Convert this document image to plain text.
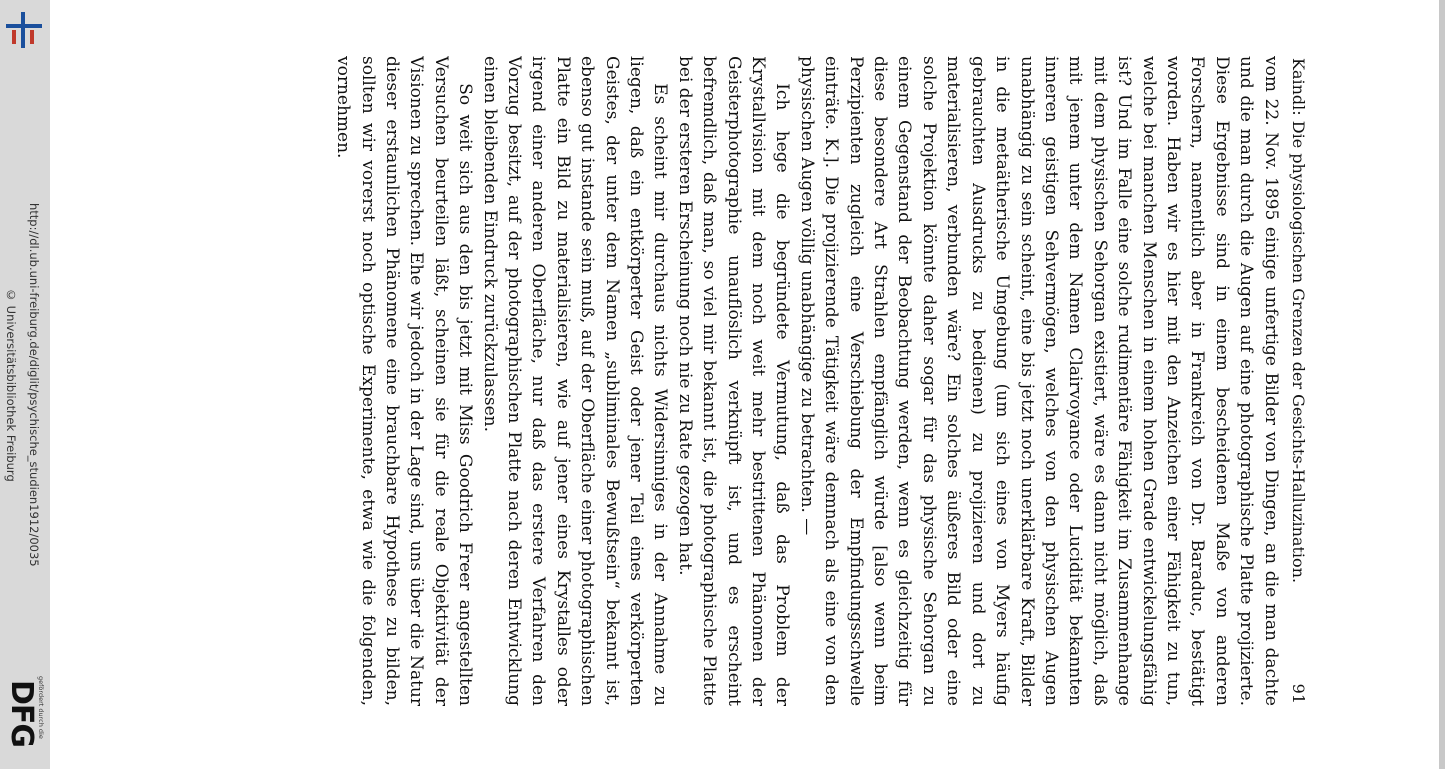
http://dl.ub.uni-freiburg.de/diglit/psychische_studien1912/0035
© Universitätsbibliothek Freiburg
gefördert durch die
DFG
Kaindl: Die physiologischen Grenzen der Gesichts-Halluzination.
91

vom 22. Nov. 1895 einige unfertige Bilder von Dingen, an die man dachte und die man durch die Augen auf eine photographische Platte projizierte. Diese Ergebnisse sind in einem bescheidenen Maße von anderen Forschern, namentlich aber in Frankreich von Dr. Baraduc, bestätigt worden. Haben wir es hier mit den Anzeichen einer Fähigkeit zu tun, welche bei manchen Menschen in einem hohen Grade entwickelungsfähig ist? Und im Falle eine solche rudimentäre Fähigkeit im Zusammenhange mit dem physischen Sehorgan existiert, wäre es dann nicht möglich, daß mit jenem unter dem Namen Clairvoyance oder Lucidität bekannten inneren geistigen Sehvermögen, welches von den physischen Augen unabhängig zu sein scheint, eine bis jetzt noch unerklärbare Kraft, Bilder in die metaätherische Umgebung (um sich eines von Myers häufig gebrauchten Ausdrucks zu bedienen) zu projizieren und dort zu materialisieren, verbunden wäre? Ein solches äußeres Bild oder eine solche Projektion könnte daher sogar für das physische Sehorgan zu einem Gegenstand der Beobachtung werden, wenn es gleichzeitig für diese besondere Art Strahlen empfänglich würde [also wenn beim Perzipienten zugleich eine Verschiebung der Empfindungsschwelle einträte. K.]. Die projizierende Tätigkeit wäre demnach als eine von den physischen Augen völlig unabhängige zu betrachten. —

Ich hege die begründete Vermutung, daß das Problem der Krystallvision mit dem noch weit mehr bestrittenen Phänomen der Geisterphotographie unauflöslich verknüpft ist, und es erscheint befremdlich, daß man, so viel mir bekannt ist, die photographische Platte bei der ersteren Erscheinung noch nie zu Rate gezogen hat.

Es scheint mir durchaus nichts Widersinniges in der Annahme zu liegen, daß ein entkörperter Geist oder jener Teil eines verkörperten Geistes, der unter dem Namen „subliminales Bewußtsein“ bekannt ist, ebenso gut instande sein muß, auf der Oberfläche einer photographischen Platte ein Bild zu materialisieren, wie auf jener eines Krystalles oder irgend einer anderen Oberfläche, nur daß das erstere Verfahren den Vorzug besitzt, auf der photographischen Platte nach deren Entwicklung einen bleibenden Eindruck zurückzulassen.

So weit sich aus den bis jetzt mit Miss Goodrich Freer angestellten Versuchen beurteilen läßt, scheinen sie für die reale Objektivität der Visionen zu sprechen. Ehe wir jedoch in der Lage sind, uns über die Natur dieser erstaunlichen Phänomene eine brauchbare Hypothese zu bilden, sollten wir vorerst noch optische Experimente, etwa wie die folgenden, vornehmen.
